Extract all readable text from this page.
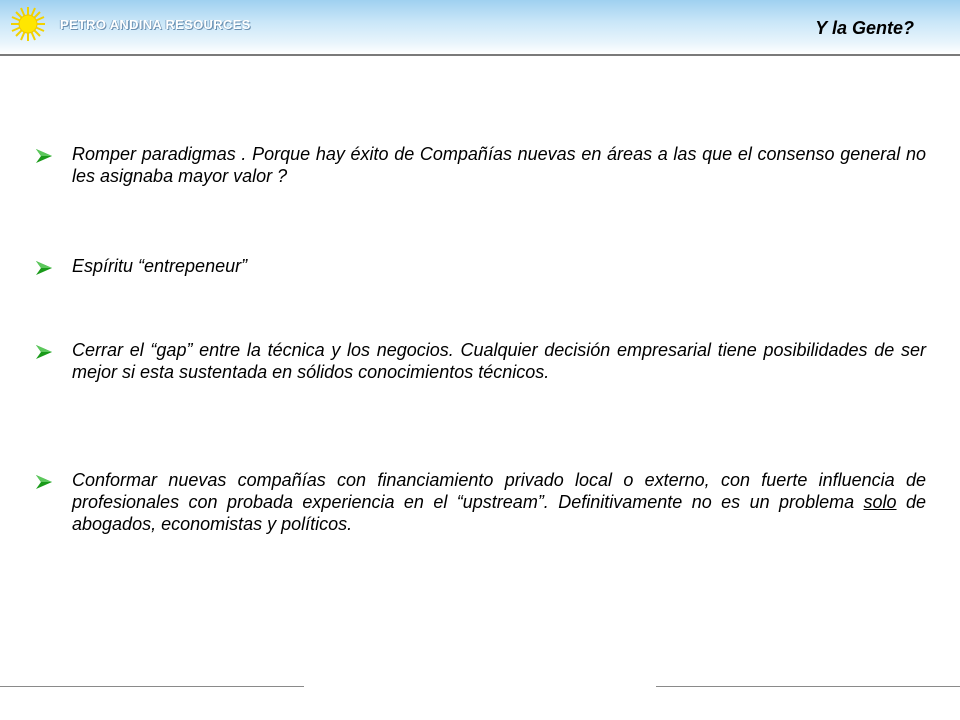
PETRO ANDINA RESOURCES	Y la Gente?
Romper paradigmas . Porque hay éxito de Compañías nuevas en áreas a las que el consenso general no les asignaba mayor valor ?
Espíritu “entrepeneur”
Cerrar el “gap” entre la técnica y los negocios. Cualquier decisión empresarial tiene posibilidades de ser mejor si esta sustentada en sólidos conocimientos técnicos.
Conformar nuevas compañías con financiamiento privado local o externo, con fuerte influencia de profesionales con probada experiencia en el “upstream”. Definitivamente no es un problema solo de abogados, economistas y políticos.
